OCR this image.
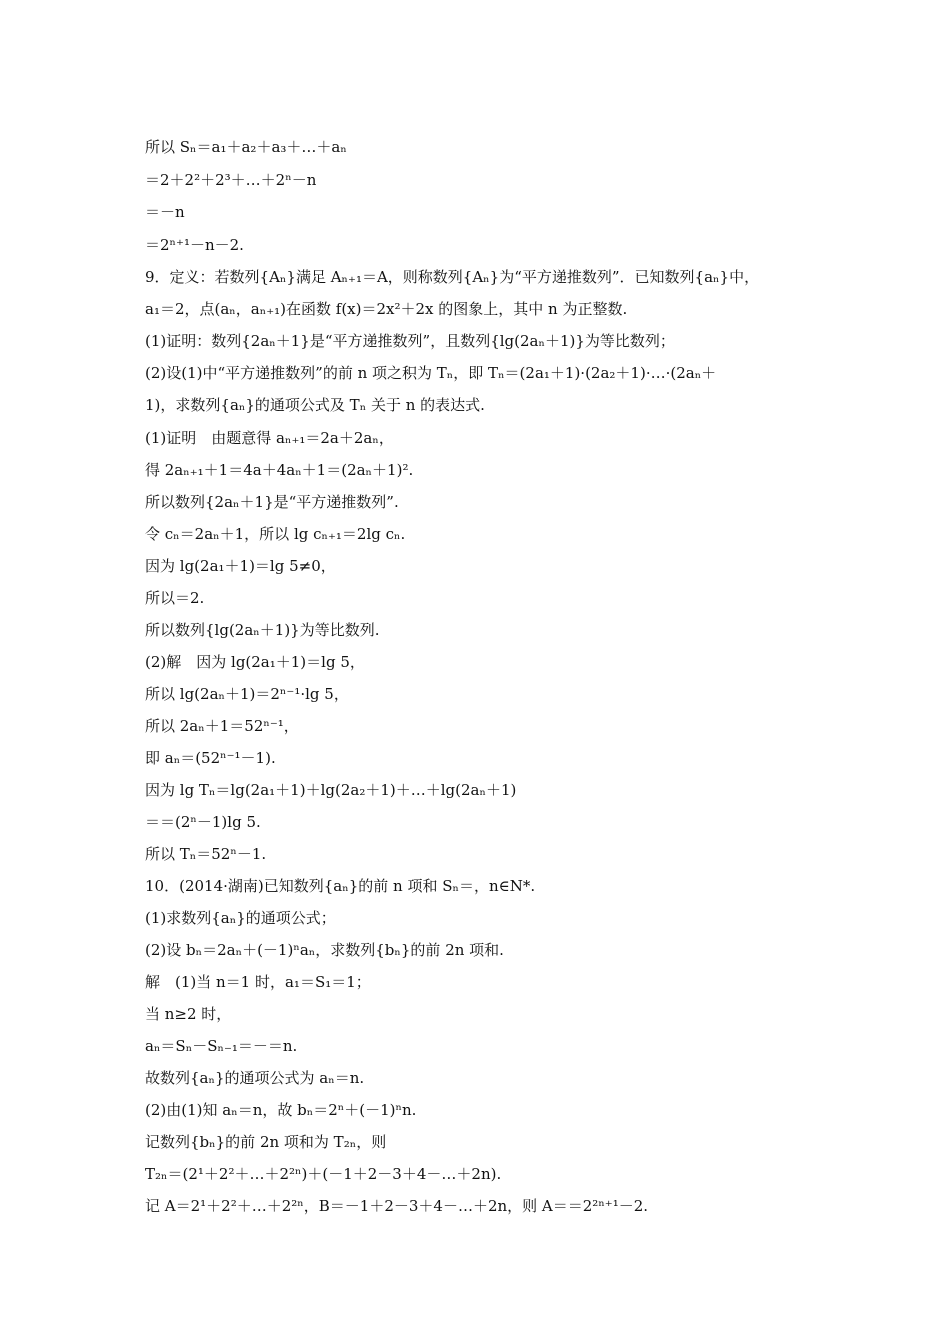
所以 Sₙ＝a₁＋a₂＋a₃＋…＋aₙ
＝2＋2²＋2³＋…＋2ⁿ－n
＝－n
＝2ⁿ⁺¹－n－2.
9．定义：若数列{Aₙ}满足 Aₙ₊₁＝A，则称数列{Aₙ}为“平方递推数列”．已知数列{aₙ}中，
a₁＝2，点(aₙ，aₙ₊₁)在函数 f(x)＝2x²＋2x 的图象上，其中 n 为正整数.
(1)证明：数列{2aₙ＋1}是“平方递推数列”，且数列{lg(2aₙ＋1)}为等比数列；
(2)设(1)中“平方递推数列”的前 n 项之积为 Tₙ，即 Tₙ＝(2a₁＋1)·(2a₂＋1)·…·(2aₙ＋
1)，求数列{aₙ}的通项公式及 Tₙ 关于 n 的表达式.
(1)证明　由题意得 aₙ₊₁＝2a＋2aₙ，
得 2aₙ₊₁＋1＝4a＋4aₙ＋1＝(2aₙ＋1)².
所以数列{2aₙ＋1}是“平方递推数列”.
令 cₙ＝2aₙ＋1，所以 lg cₙ₊₁＝2lg cₙ.
因为 lg(2a₁＋1)＝lg 5≠0，
所以＝2.
所以数列{lg(2aₙ＋1)}为等比数列.
(2)解　因为 lg(2a₁＋1)＝lg 5，
所以 lg(2aₙ＋1)＝2ⁿ⁻¹·lg 5，
所以 2aₙ＋1＝52ⁿ⁻¹，
即 aₙ＝(52ⁿ⁻¹－1).
因为 lg Tₙ＝lg(2a₁＋1)＋lg(2a₂＋1)＋…＋lg(2aₙ＋1)
＝＝(2ⁿ－1)lg 5.
所以 Tₙ＝52ⁿ－1.
10．(2014·湖南)已知数列{aₙ}的前 n 项和 Sₙ＝，n∈N*.
(1)求数列{aₙ}的通项公式；
(2)设 bₙ＝2aₙ＋(－1)ⁿaₙ，求数列{bₙ}的前 2n 项和.
解　(1)当 n＝1 时，a₁＝S₁＝1；
当 n≥2 时，
aₙ＝Sₙ－Sₙ₋₁＝－＝n.
故数列{aₙ}的通项公式为 aₙ＝n.
(2)由(1)知 aₙ＝n，故 bₙ＝2ⁿ＋(－1)ⁿn.
记数列{bₙ}的前 2n 项和为 T₂ₙ，则
T₂ₙ＝(2¹＋2²＋…＋2²ⁿ)＋(－1＋2－3＋4－…＋2n).
记 A＝2¹＋2²＋…＋2²ⁿ，B＝－1＋2－3＋4－…＋2n，则 A＝＝2²ⁿ⁺¹－2.
